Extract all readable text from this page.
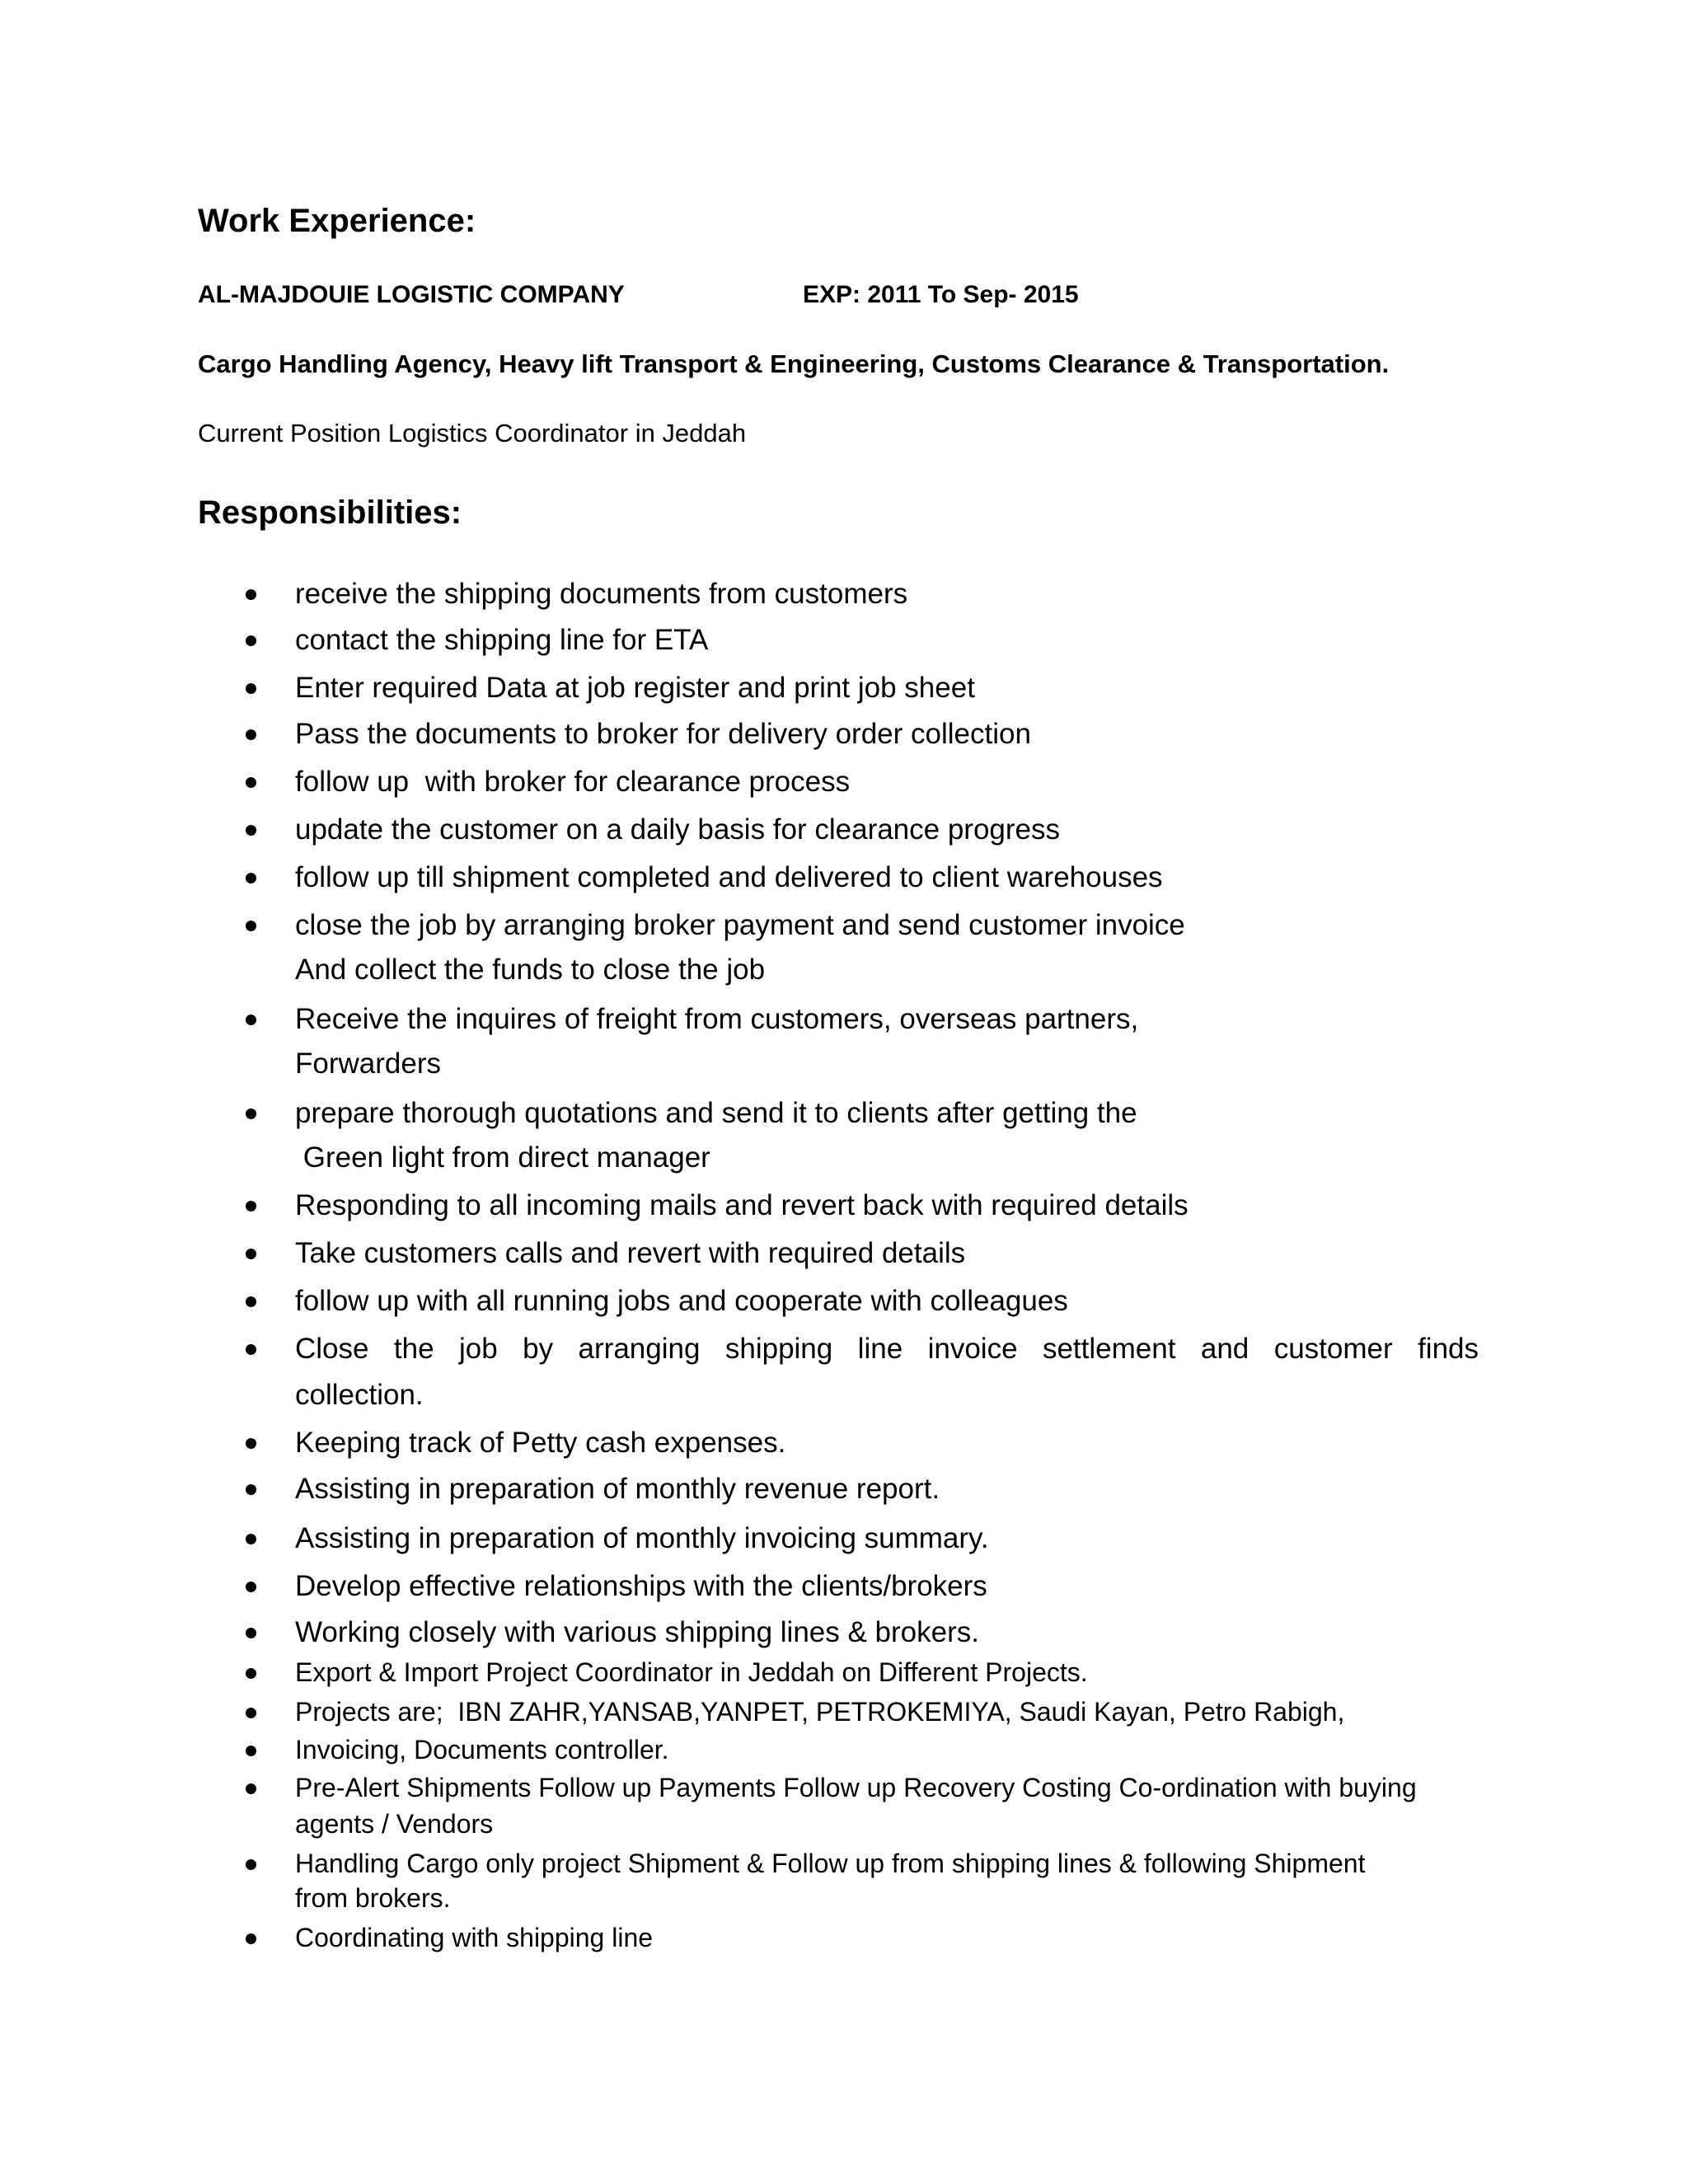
Work Experience:
AL-MAJDOUIE LOGISTIC COMPANY	EXP: 2011 To Sep- 2015
Cargo Handling Agency, Heavy lift Transport & Engineering, Customs Clearance & Transportation.
Current Position Logistics Coordinator in Jeddah
Responsibilities:
receive the shipping documents from customers
contact the shipping line for ETA
Enter required Data at job register and print job sheet
Pass the documents to broker for delivery order collection
follow up  with broker for clearance process
update the customer on a daily basis for clearance progress
follow up till shipment completed and delivered to client warehouses
close the job by arranging broker payment and send customer invoice
And collect the funds to close the job
Receive the inquires of freight from customers, overseas partners,
Forwarders
prepare thorough quotations and send it to clients after getting the
Green light from direct manager
Responding to all incoming mails and revert back with required details
Take customers calls and revert with required details
follow up with all running jobs and cooperate with colleagues
Close the job by arranging shipping line invoice settlement and customer finds
collection.
Keeping track of Petty cash expenses.
Assisting in preparation of monthly revenue report.
Assisting in preparation of monthly invoicing summary.
Develop effective relationships with the clients/brokers
Working closely with various shipping lines & brokers.
Export & Import Project Coordinator in Jeddah on Different Projects.
Projects are;  IBN ZAHR,YANSAB,YANPET, PETROKEMIYA, Saudi Kayan, Petro Rabigh,
Invoicing, Documents controller.
Pre-Alert Shipments Follow up Payments Follow up Recovery Costing Co-ordination with buying
agents / Vendors
Handling Cargo only project Shipment & Follow up from shipping lines & following Shipment
from brokers.
Coordinating with shipping line
